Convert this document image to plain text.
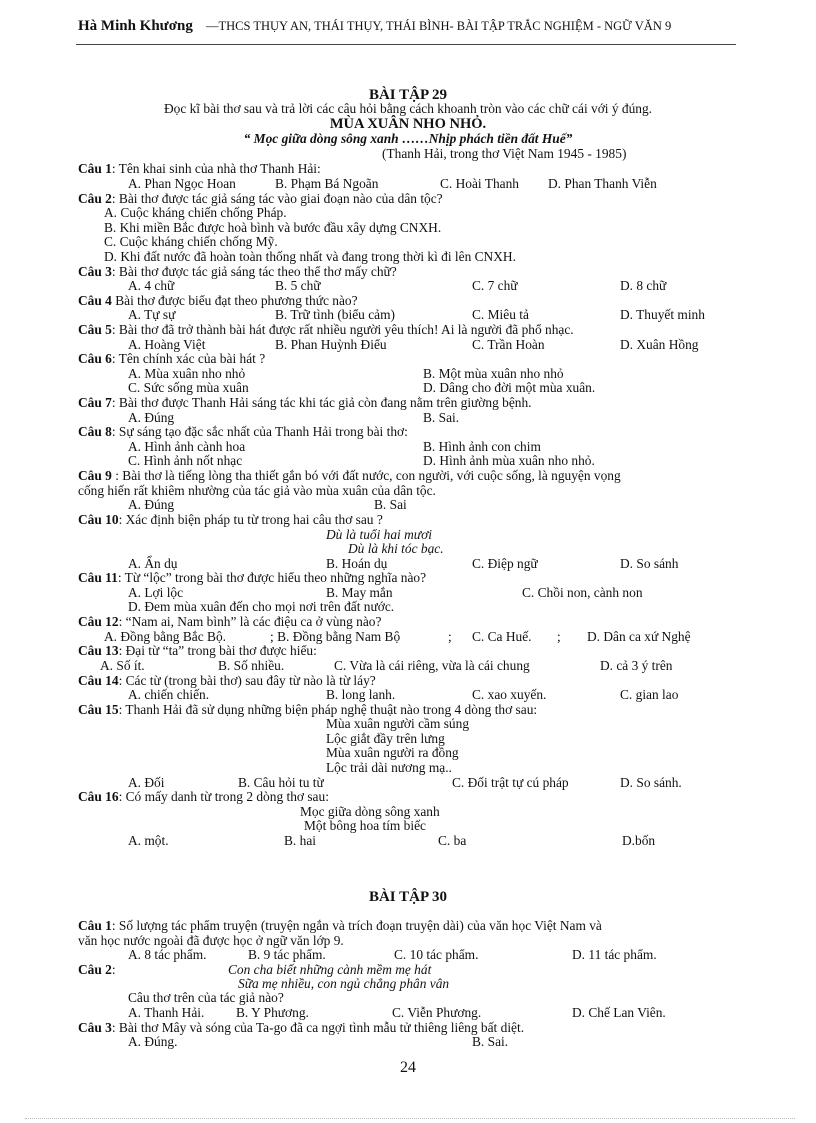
Hà Minh Khương —THCS THỤY AN, THÁI THỤY, THÁI BÌNH- BÀI TẬP TRẮC NGHIỆM - NGỮ VĂN 9
BÀI TẬP 29
Đọc kĩ bài thơ sau và trả lời các câu hỏi bằng cách khoanh tròn vào các chữ cái với ý đúng.
MÙA XUÂN NHO NHỎ.
“ Mọc giữa dòng sông xanh ……Nhịp phách tiền đất Huế”
(Thanh Hải, trong thơ Việt Nam 1945 - 1985)
Câu 1: Tên khai sinh của nhà thơ Thanh Hải:
A. Phan Ngọc Hoan	B. Phạm Bá Ngoãn	C. Hoài Thanh D. Phan Thanh Viễn
Câu 2: Bài thơ được tác giả sáng tác vào giai đoạn nào của dân tộc?
A. Cuộc kháng chiến chống Pháp.
B. Khi miền Bắc được hoà bình và bước đầu xây dựng CNXH.
C. Cuộc kháng chiến chống Mỹ.
D. Khi đất nước đã hoàn toàn thống nhất và đang trong thời kì đi lên CNXH.
Câu 3: Bài thơ được tác giả sáng tác theo thể thơ mấy chữ?
A. 4 chữ	B. 5 chữ	C. 7 chữ	D. 8 chữ
Câu 4 Bài thơ được biểu đạt theo phương thức nào?
A. Tự sự	B. Trữ tình (biểu cảm)	C. Miêu tả	D. Thuyết minh
Câu 5: Bài thơ đã trở thành bài hát được rất nhiều người yêu thích! Ai là người đã phổ nhạc.
A. Hoàng Việt	B. Phan Huỳnh Điểu	C. Trần Hoàn	D. Xuân Hồng
Câu 6: Tên chính xác của bài hát ?
A. Mùa xuân nho nhỏ	B. Một mùa xuân nho nhỏ
C. Sức sống mùa xuân	D. Dâng cho đời một mùa xuân.
Câu 7: Bài thơ được Thanh Hải sáng tác khi tác giả còn đang nằm trên giường bệnh.
A. Đúng	B. Sai.
Câu 8: Sự sáng tạo đặc sắc nhất của Thanh Hải trong bài thơ:
A. Hình ảnh cành hoa	B. Hình ảnh con chim
C. Hình ảnh nốt nhạc	D. Hình ảnh mùa xuân nho nhỏ.
Câu 9 : Bài thơ là tiếng lòng tha thiết gắn bó với đất nước, con người, với cuộc sống, là nguyện vọng
cống hiến rất khiêm nhường của tác giả vào mùa xuân của dân tộc.
A. Đúng	B. Sai
Câu 10: Xác định biện pháp tu từ trong hai câu thơ sau ?
Dù là tuổi hai mươi
Dù là khi tóc bạc.
A. Ẩn dụ	B. Hoán dụ	C. Điệp ngữ	D. So sánh
Câu 11: Từ “lộc” trong bài thơ được hiểu theo những nghĩa nào?
A. Lợi lộc	B. May mắn	C. Chồi non, cành non
D. Đem mùa xuân đến cho mọi nơi trên đất nước.
Câu 12: “Nam ai, Nam bình” là các điệu ca ở vùng nào?
A. Đồng bằng Bắc Bộ.	; B. Đồng bằng Nam Bộ	; C. Ca Huế. ; D. Dân ca xứ Nghệ
Câu 13: Đại từ “ta” trong bài thơ được hiểu:
A. Số ít.	B. Số nhiều.	C. Vừa là cái riêng, vừa là cái chung	D. cả 3 ý trên
Câu 14: Các từ (trong bài thơ) sau đây từ nào là từ láy?
A. chiến chiến.	B. long lanh.	C. xao xuyến.	C. gian lao
Câu 15: Thanh Hải đã sử dụng những biện pháp nghệ thuật nào trong 4 dòng thơ sau:
Mùa xuân người cầm súng
Lộc giắt đầy trên lưng
Mùa xuân người ra đồng
Lộc trải dài nương mạ..
A. Đối	B. Câu hỏi tu từ	C. Đối trật tự cú pháp	D. So sánh.
Câu 16: Có mấy danh từ trong 2 dòng thơ sau:
Mọc giữa dòng sông xanh
Một bông hoa tím biếc
A. một.	B. hai	C. ba	D.bốn
BÀI TẬP 30
Câu 1: Số lượng tác phẩm truyện (truyện ngắn và trích đoạn truyện dài) của văn học Việt Nam và
văn học nước ngoài đã được học ở ngữ văn lớp 9.
A. 8 tác phẩm.	B. 9 tác phẩm.	C. 10 tác phẩm.	D. 11 tác phẩm.
Câu 2:	Con cha biết những cành mềm mẹ hát
Sữa mẹ nhiều, con ngủ chẳng phân vân
Câu thơ trên của tác giả nào?
A. Thanh Hải. B. Y Phương.	C. Viễn Phương.	D. Chế Lan Viên.
Câu 3: Bài thơ Mây và sóng của Ta-go đã ca ngợi tình mẫu tử thiêng liêng bất diệt.
A. Đúng.	B. Sai.
24
